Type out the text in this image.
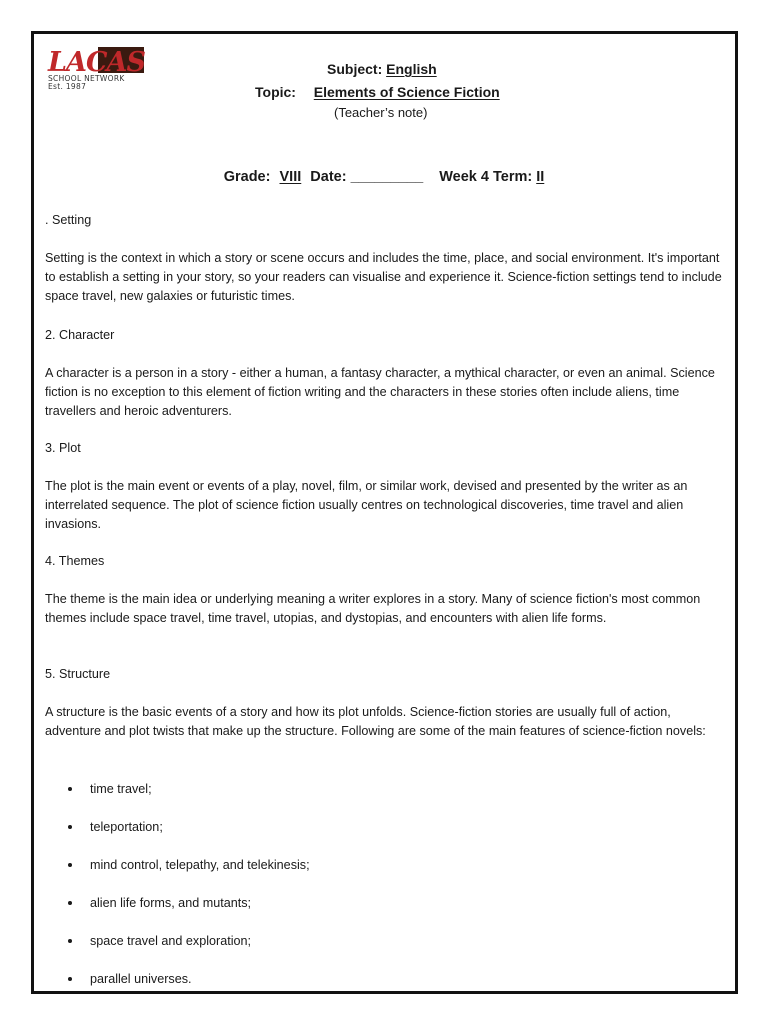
LA CAS
SCHOOL NETWORK
Est. 1987
Subject: English
Topic: Elements of Science Fiction
(Teacher’s note)
Grade: VIII Date: _________ Week 4 Term: II
. Setting
Setting is the context in which a story or scene occurs and includes the time, place, and social environment. It's important to establish a setting in your story, so your readers can visualise and experience it. Science-fiction settings tend to include space travel, new galaxies or futuristic times.
2. Character
A character is a person in a story - either a human, a fantasy character, a mythical character, or even an animal. Science fiction is no exception to this element of fiction writing and the characters in these stories often include aliens, time travellers and heroic adventurers.
3. Plot
The plot is the main event or events of a play, novel, film, or similar work, devised and presented by the writer as an interrelated sequence. The plot of science fiction usually centres on technological discoveries, time travel and alien invasions.
4. Themes
The theme is the main idea or underlying meaning a writer explores in a story. Many of science fiction's most common themes include space travel, time travel, utopias, and dystopias, and encounters with alien life forms.
5. Structure
A structure is the basic events of a story and how its plot unfolds. Science-fiction stories are usually full of action, adventure and plot twists that make up the structure. Following are some of the main features of science-fiction novels:
time travel;
teleportation;
mind control, telepathy, and telekinesis;
alien life forms, and mutants;
space travel and exploration;
parallel universes.
